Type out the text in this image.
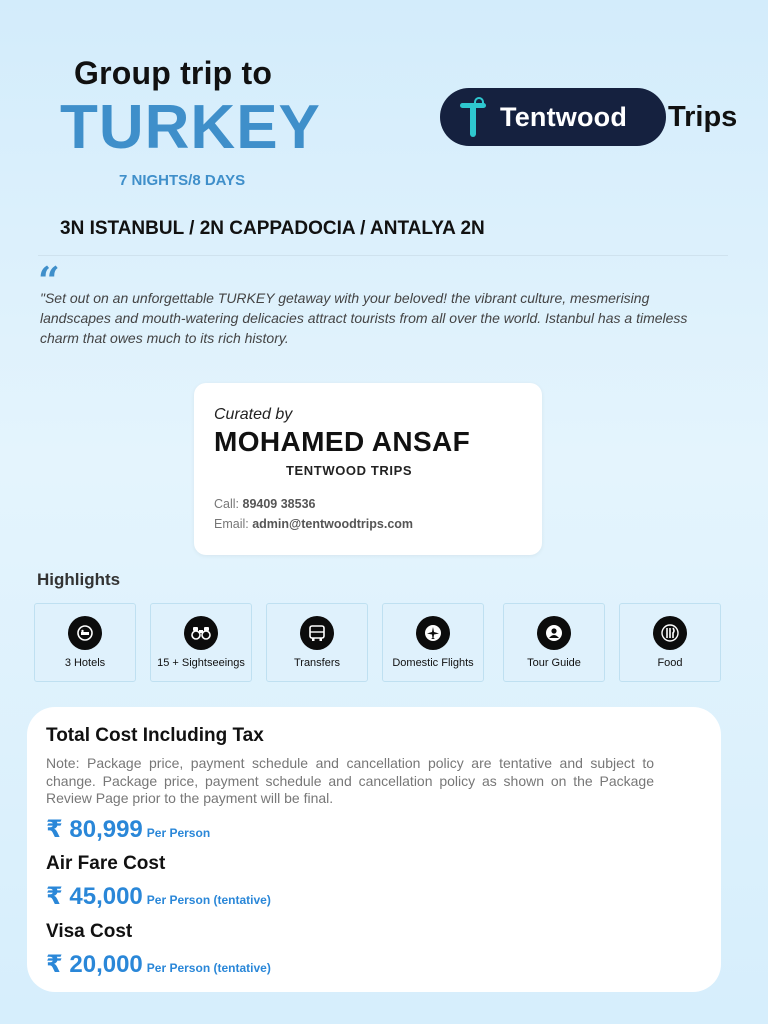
Group trip to
TURKEY
7 NIGHTS/8 DAYS
Tentwood Trips
3N ISTANBUL / 2N CAPPADOCIA / ANTALYA 2N
“
"Set out on an unforgettable TURKEY getaway with your beloved! the vibrant culture, mesmerising landscapes and mouth-watering delicacies attract tourists from all over the world. Istanbul has a timeless charm that owes much to its rich history.
Curated by
MOHAMED ANSAF
TENTWOOD TRIPS
Call: 89409 38536
Email: admin@tentwoodtrips.com
Highlights
3 Hotels	15 + Sightseeings	Transfers	Domestic Flights	Tour Guide	Food
Total Cost Including Tax
Note: Package price, payment schedule and cancellation policy are tentative and subject to change. Package price, payment schedule and cancellation policy as shown on the Package Review Page prior to the payment will be final.
₹ 80,999 Per Person
Air Fare Cost
₹ 45,000 Per Person (tentative)
Visa Cost
₹ 20,000 Per Person (tentative)
